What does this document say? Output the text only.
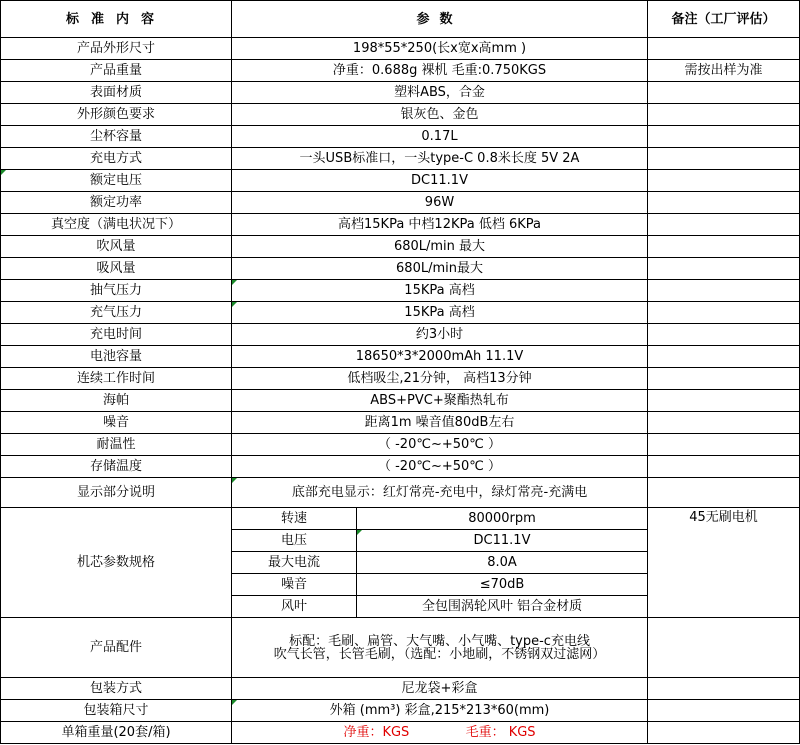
标准内容	参数		备注（工厂评估）
产品外形尺寸	198*55*250(长x宽x高mm )		
产品重量	净重：0.688g 裸机 毛重:0.750KGS		需按出样为准
表面材质	塑料ABS，合金		
外形颜色要求	银灰色、金色		
尘杯容量	0.17L		
充电方式	一头USB标准口，一头type-C 0.8米长度 5V 2A		
额定电压	DC11.1V		
额定功率	96W		
真空度（满电状况下）	高档15KPa 中档12KPa 低档 6KPa		
吹风量	680L/min 最大		
吸风量	680L/min最大		
抽气压力	15KPa 高档		
充气压力	15KPa 高档		
充电时间	约3小时		
电池容量	18650*3*2000mAh 11.1V		
连续工作时间	低档吸尘,21分钟， 高档13分钟		
海帕	ABS+PVC+聚酯热轧布		
噪音	距离1m 噪音值80dB左右		
耐温性	（ -20℃~+50℃ ）		
存储温度	（ -20℃~+50℃ ）		
显示部分说明	底部充电显示：红灯常亮-充电中，绿灯常亮-充满电		
机芯参数规格	转速	80000rpm	45无刷电机
	电压	DC11.1V	
	最大电流	8.0A	
	噪音	≤70dB	
	风叶	全包围涡轮风叶 铝合金材质	
产品配件	标配：毛刷、扁管、大气嘴、小气嘴、type-c充电线
吹气长管，长管毛刷，（选配：小地刷，不锈钢双过滤网）		

包装方式	尼龙袋+彩盒		
包装箱尺寸	外箱 (mm³) 彩盒,215*213*60(mm)		
单箱重量(20套/箱)	净重：KGS 毛重： KGS		
